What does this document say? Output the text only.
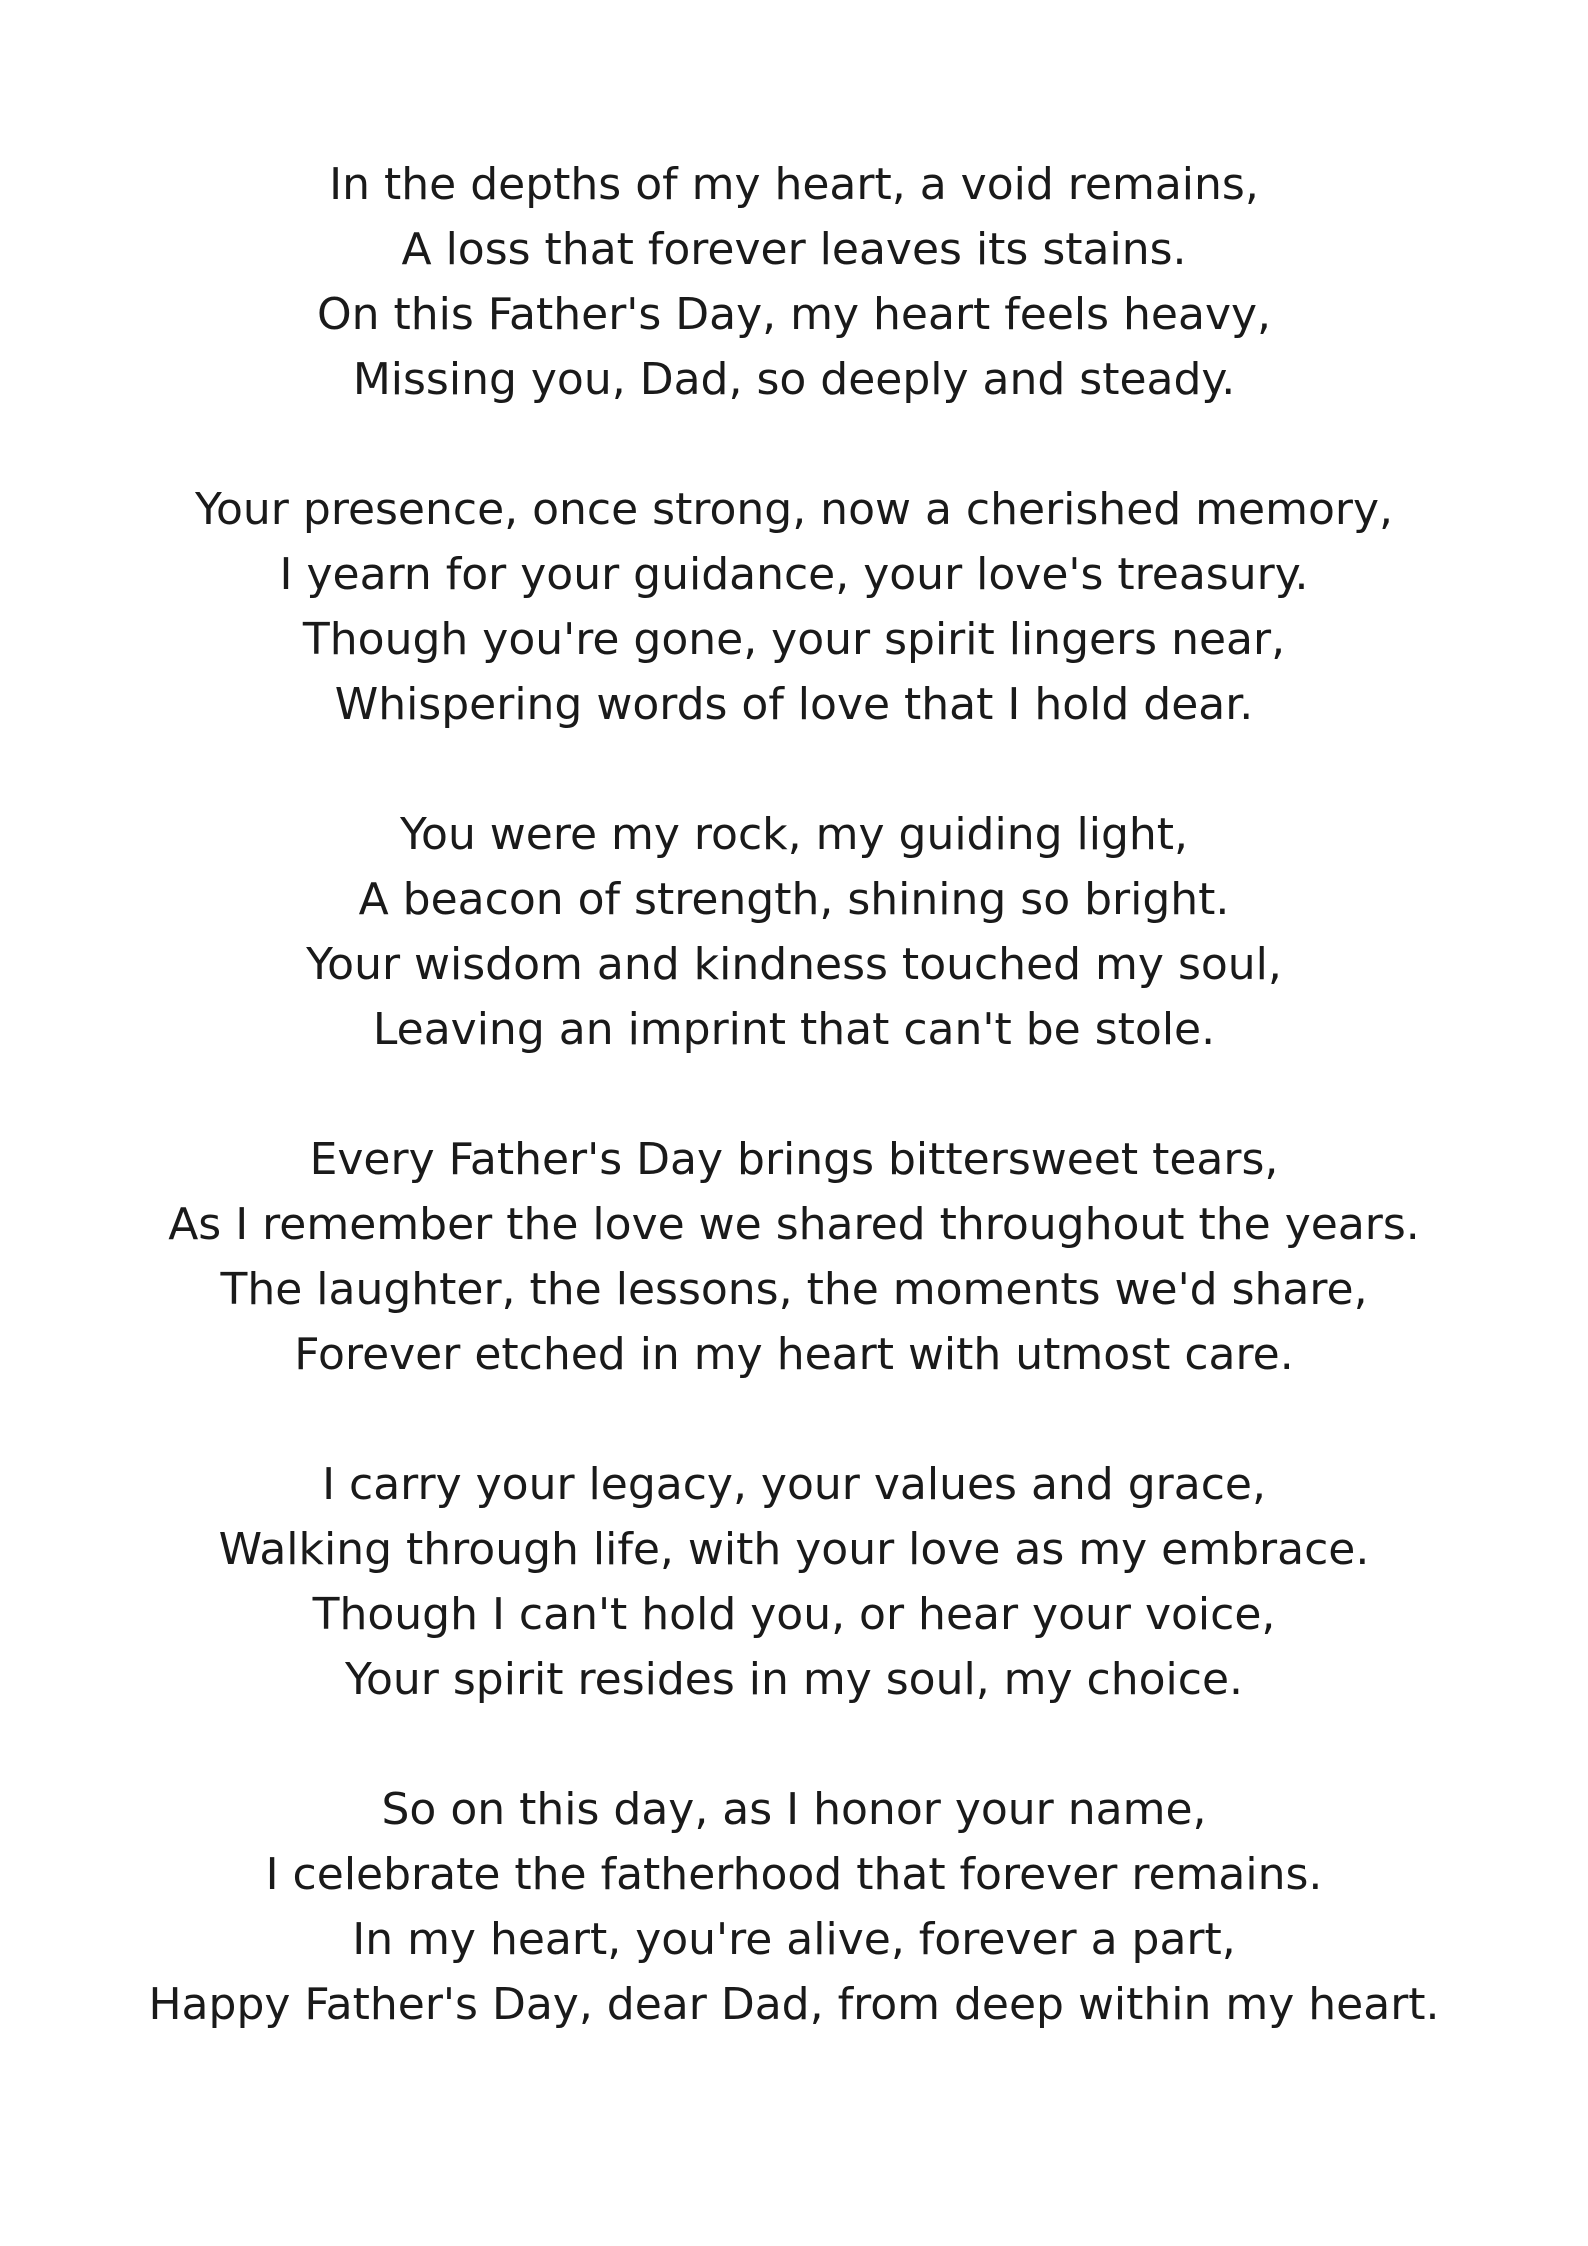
In the depths of my heart, a void remains,
A loss that forever leaves its stains.
On this Father's Day, my heart feels heavy,
Missing you, Dad, so deeply and steady.
Your presence, once strong, now a cherished memory,
I yearn for your guidance, your love's treasury.
Though you're gone, your spirit lingers near,
Whispering words of love that I hold dear.
You were my rock, my guiding light,
A beacon of strength, shining so bright.
Your wisdom and kindness touched my soul,
Leaving an imprint that can't be stole.
Every Father's Day brings bittersweet tears,
As I remember the love we shared throughout the years.
The laughter, the lessons, the moments we'd share,
Forever etched in my heart with utmost care.
I carry your legacy, your values and grace,
Walking through life, with your love as my embrace.
Though I can't hold you, or hear your voice,
Your spirit resides in my soul, my choice.
So on this day, as I honor your name,
I celebrate the fatherhood that forever remains.
In my heart, you're alive, forever a part,
Happy Father's Day, dear Dad, from deep within my heart.
